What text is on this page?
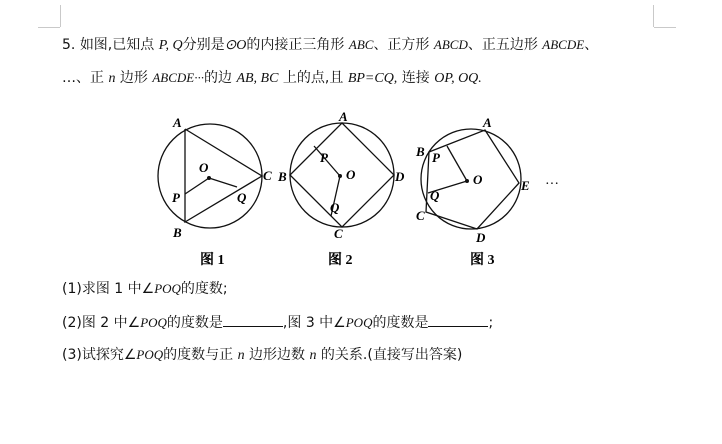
5. 如图,已知点 P, Q分别是⊙O的内接正三角形 ABC、正方形 ABCD、正五边形 ABCDE、
…、正 n 边形 ABCDE···的边 AB, BC 上的点,且 BP=CQ, 连接 OP, OQ.
A
B
C
O
P	Q
A
B
C
D
O
P
Q
A
B
C
D
E
O
P
Q
···
图 1	图 2	图 3
(1)求图 1 中∠POQ的度数;
(2)图 2 中∠POQ的度数是	,图 3 中∠POQ的度数是	;
(3)试探究∠POQ的度数与正 n 边形边数 n 的关系.(直接写出答案)
